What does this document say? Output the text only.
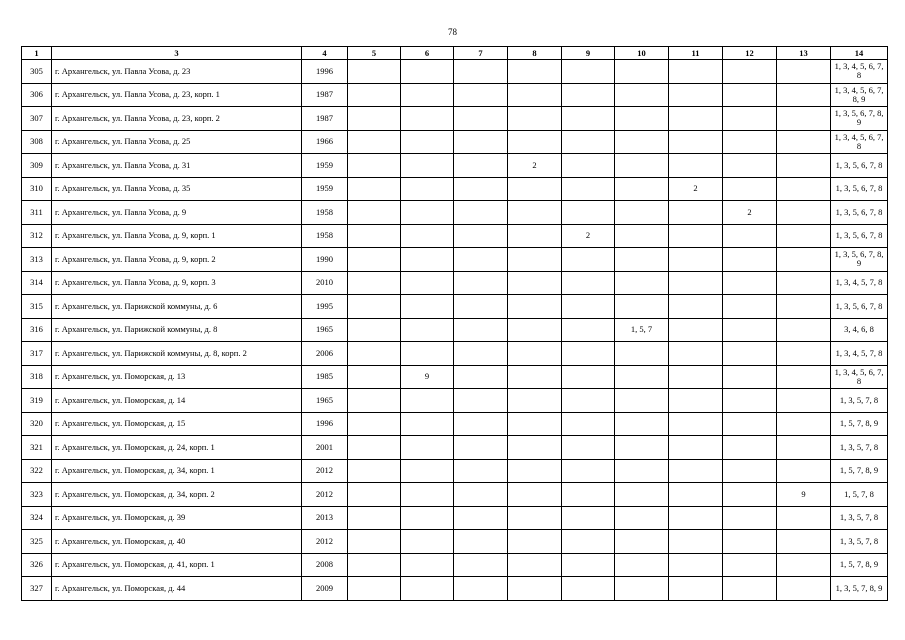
78
1	3	4	5	6	7	8	9	10	11	12	13	14
305	г. Архангельск, ул. Павла Усова, д. 23	1996										1, 3, 4, 5, 6, 7, 8
306	г. Архангельск, ул. Павла Усова, д. 23, корп. 1	1987										1, 3, 4, 5, 6, 7, 8, 9
307	г. Архангельск, ул. Павла Усова, д. 23, корп. 2	1987										1, 3, 5, 6, 7, 8, 9
308	г. Архангельск, ул. Павла Усова, д. 25	1966										1, 3, 4, 5, 6, 7, 8
309	г. Архангельск, ул. Павла Усова, д. 31	1959				2						1, 3, 5, 6, 7, 8
310	г. Архангельск, ул. Павла Усова, д. 35	1959							2			1, 3, 5, 6, 7, 8
311	г. Архангельск, ул. Павла Усова, д. 9	1958								2		1, 3, 5, 6, 7, 8
312	г. Архангельск, ул. Павла Усова, д. 9, корп. 1	1958					2					1, 3, 5, 6, 7, 8
313	г. Архангельск, ул. Павла Усова, д. 9, корп. 2	1990										1, 3, 5, 6, 7, 8, 9
314	г. Архангельск, ул. Павла Усова, д. 9, корп. 3	2010										1, 3, 4, 5, 7, 8
315	г. Архангельск, ул. Парижской коммуны, д. 6	1995										1, 3, 5, 6, 7, 8
316	г. Архангельск, ул. Парижской коммуны, д. 8	1965						1, 5, 7				3, 4, 6, 8
317	г. Архангельск, ул. Парижской коммуны, д. 8, корп. 2	2006										1, 3, 4, 5, 7, 8
318	г. Архангельск, ул. Поморская, д. 13	1985		9								1, 3, 4, 5, 6, 7, 8
319	г. Архангельск, ул. Поморская, д. 14	1965										1, 3, 5, 7, 8
320	г. Архангельск, ул. Поморская, д. 15	1996										1, 5, 7, 8, 9
321	г. Архангельск, ул. Поморская, д. 24, корп. 1	2001										1, 3, 5, 7, 8
322	г. Архангельск, ул. Поморская, д. 34, корп. 1	2012										1, 5, 7, 8, 9
323	г. Архангельск, ул. Поморская, д. 34, корп. 2	2012									9	1, 5, 7, 8
324	г. Архангельск, ул. Поморская, д. 39	2013										1, 3, 5, 7, 8
325	г. Архангельск, ул. Поморская, д. 40	2012										1, 3, 5, 7, 8
326	г. Архангельск, ул. Поморская, д. 41, корп. 1	2008										1, 5, 7, 8, 9
327	г. Архангельск, ул. Поморская, д. 44	2009										1, 3, 5, 7, 8, 9
